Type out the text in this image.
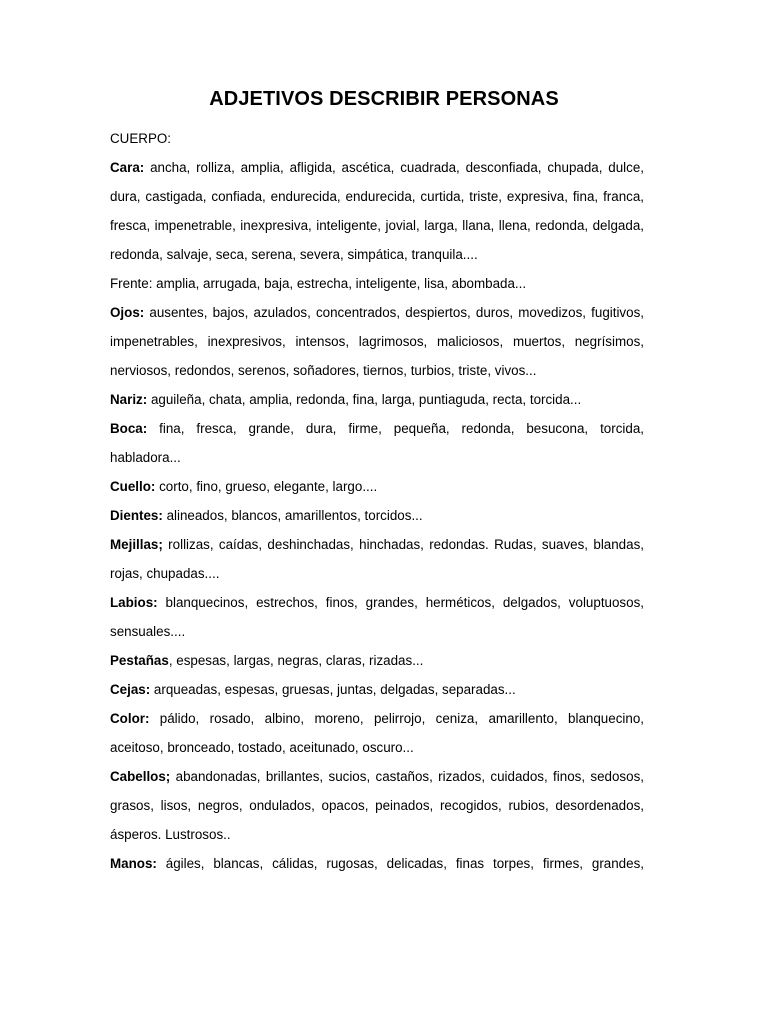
ADJETIVOS DESCRIBIR PERSONAS

CUERPO:

Cara: ancha, rolliza, amplia, afligida, ascética, cuadrada, desconfiada, chupada, dulce, dura, castigada, confiada, endurecida, endurecida, curtida, triste, expresiva, fina, franca, fresca, impenetrable, inexpresiva, inteligente, jovial, larga, llana, llena, redonda, delgada, redonda, salvaje, seca, serena, severa, simpática, tranquila....

Frente: amplia, arrugada, baja, estrecha, inteligente, lisa, abombada...

Ojos: ausentes, bajos, azulados, concentrados, despiertos, duros, movedizos, fugitivos, impenetrables, inexpresivos, intensos, lagrimosos, maliciosos, muertos, negrísimos, nerviosos, redondos, serenos, soñadores, tiernos, turbios, triste, vivos...

Nariz: aguileña, chata, amplia, redonda, fina, larga, puntiaguda, recta, torcida...

Boca: fina, fresca, grande, dura, firme, pequeña, redonda, besucona, torcida, habladora...

Cuello: corto, fino, grueso, elegante, largo....

Dientes: alineados, blancos, amarillentos, torcidos...

Mejillas; rollizas, caídas, deshinchadas, hinchadas, redondas. Rudas, suaves, blandas, rojas, chupadas....

Labios: blanquecinos, estrechos, finos, grandes, herméticos, delgados, voluptuosos, sensuales....

Pestañas, espesas, largas, negras, claras, rizadas...

Cejas: arqueadas, espesas, gruesas, juntas, delgadas, separadas...

Color: pálido, rosado, albino, moreno, pelirrojo, ceniza, amarillento, blanquecino, aceitoso, bronceado, tostado, aceitunado, oscuro...

Cabellos; abandonadas, brillantes, sucios, castaños, rizados, cuidados, finos, sedosos, grasos, lisos, negros, ondulados, opacos, peinados, recogidos, rubios, desordenados, ásperos. Lustrosos..

Manos: ágiles, blancas, cálidas, rugosas, delicadas, finas torpes, firmes, grandes,
